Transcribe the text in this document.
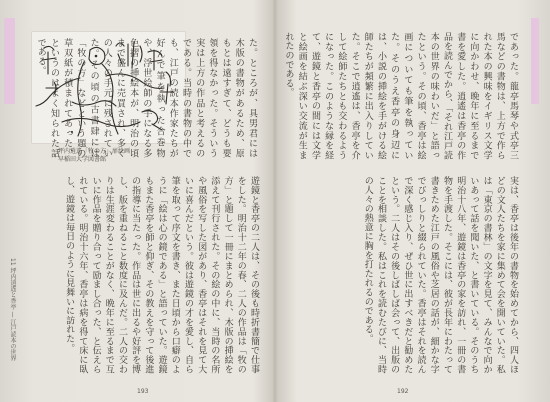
11 坪内逍遙と香亭 — 江戸読本の世界
坪内逍遙「牧の方」扉絵画
早稲田大学図書館
た。ところが、具男君には木版の書物があるため、原もとは遠すぎて、どうも要領を得なかった。そういう実は上方の作品と考えるのである。当時の書物の中でも、江戸の読本作家たちが好んで筆を執った合巻物や、浮世絵師の手になる多色摺の挿絵本が、明治の頃まで盛んに売買され、多くの人々の手元に残されていた。その頃の古書肆には「牧の方」などという題の草双紙が積まれてあった、というのはよく知られた話である。
遊鏡と香亭の二人は、その後も時折書簡で仕事をした。明治十二年の春、二人の作品は「牧の方」と題して一冊にまとめられ、木版の挿絵を添えて刊行された。その絵の中に、当時の名所や風俗を写した図があり、香亭はそれを見て大いに喜んだという。彼は遊鏡の才を愛し、自ら筆を取って序文を書き、また日頃から口癖のように「絵は心の鏡である」と語っていた。遊鏡もまた香亭を師と仰ぎ、その教えを守って後進の指導に当たった。作品は世に出るや好評を博し、版を重ねること数度に及んだ。二人の交わりは生涯変わることがなく、晩年に至るまで互いに作品を贈り合って励まし合った、と伝えられている。明治十六年、香亭は病を得て床に臥し、遊鏡は毎日のように見舞いに訪れた。
193
であった。龍亭馬琴や式亭三馬などの書物は、上方で作られた本の興味をイギリス文学に向かわせ、晩年に至るまで書を愛した。逍遙は香亭の作品を読んでから、「それ江戸読本の世界の味わいだ」と語ったという。その頃、香亭は絵画についても筆を執っていた。そのうえ香亭の身辺には、小説の挿絵を手がける絵師たちが頻繁に出入りしていた。そこで逍遙は、香亭を介して絵師たちとも交わるようになった。このような縁を経て、遊鏡と香亭の間には文学と絵画を結ぶ深い交流が生まれたのである。
実は、香亭は後年の書物を始めてから、四人ほどの文人たちを家に集めて会を開いていた。私は「東京の書林」の文字を見て、みんなで向かいあって話を聞いた、と書いている。そのうち明治十八年、遊鏡は香亭の家を訪れ、一冊の書物を手渡した。そこには、彼が長年にわたって書きためた江戸の風俗や芝居の話が、細かな字でびっしりと綴られていた。香亭はそれを読んで深く感じ入り、ぜひ世に出すべきだと勧めたという。二人はその後しばしば会って、出版のことを相談した。私はこれを読むたびに、当時の人々の熱意に胸を打たれるのである。
192
